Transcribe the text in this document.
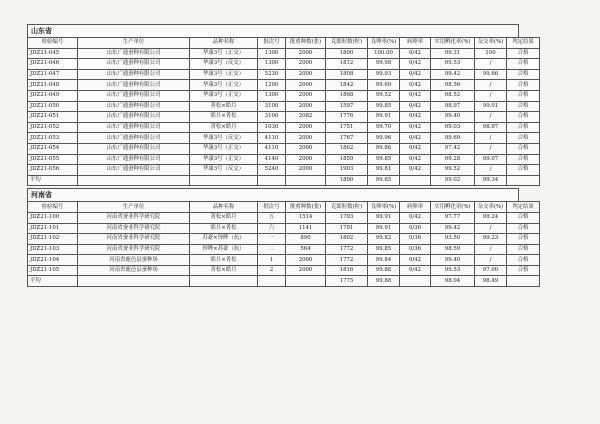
山东省
检验编号	生产单位	品种名称	批次号	批重种数(张)	克郎粒数(粒)	良卵率(%)	病卵率	实用孵化率(%)	杂交率(%)	判定结果
JDZ21-045	山东广通蚕种有限公司	华康3号（正交）	1300	2000	1800	100.00	0/42	99.31	100	合格
JDZ21-046	山东广通蚕种有限公司	华康3号（反交）	1300	2000	1812	99.98	0/42	99.53	/	合格
JDZ21-047	山东广通蚕种有限公司	华康3号（正交）	5230	2000	1808	99.93	0/42	99.42	99.66	合格
JDZ21-048	山东广通蚕种有限公司	华康3号（正交）	1200	2000	1842	99.69	0/42	98.56	/	合格
JDZ21-049	山东广通蚕种有限公司	华康3号（正交）	1300	2000	1868	99.52	0/42	98.52	/	合格
JDZ21-050	山东广通蚕种有限公司	菁松×皓月	3100	2000	1597	99.85	0/42	98.97	99.01	合格
JDZ21-051	山东广通蚕种有限公司	皓月×菁松	3100	2082	1776	99.91	0/42	99.40	/	合格
JDZ21-052	山东广通蚕种有限公司	菁松×皓月	1030	2000	1751	99.70	0/42	99.03	98.97	合格
JDZ21-053	山东广通蚕种有限公司	华康3号（反交）	4110	2000	1767	99.96	0/42	99.69	/	合格
JDZ21-054	山东广通蚕种有限公司	华康3号（正交）	4110	2000	1862	99.86	0/42	97.42	/	合格
JDZ21-055	山东广通蚕种有限公司	华康3号（正交）	4140	2000	1859	99.85	0/42	99.28	99.07	合格
JDZ21-056	山东广通蚕种有限公司	华康3号（反交）	5240	2000	1903	99.81	0/42	99.52	/	合格
平均					1800	99.85		99.02	99.34	
河南省
检验编号	生产单位	品种名称	批次号	批重种数(张)	克郎粒数(粒)	良卵率(%)	病卵率	实用孵化率(%)	杂交率(%)	判定结果
JDZ21-100	河南省蚕业科学研究院	菁松×皓月	五	1514	1793	99.91	0/42	97.77	99.24	合格
JDZ21-101	河南省蚕业科学研究院	皓月×菁松	六	1141	1791	99.91	0/36	99.42	/	合格
JDZ21-102	河南省蚕业科学研究院	苏豪×钟晔（抗）	一	890	1802	99.82	0/36	93.50	99.23	合格
JDZ21-103	河南省蚕业科学研究院	钟晔×苏豪（抗）	二	564	1772	99.85	0/36	98.59	/	合格
JDZ21-104	河南省鹿邑县蚕种场	皓月×菁松	1	2000	1772	99.84	0/42	99.40	/	合格
JDZ21-105	河南省鹿邑县蚕种场	菁松×皓月	2	2000	1816	99.88	0/42	99.53	97.00	合格
平均					1775	99.88		98.04	98.49	
